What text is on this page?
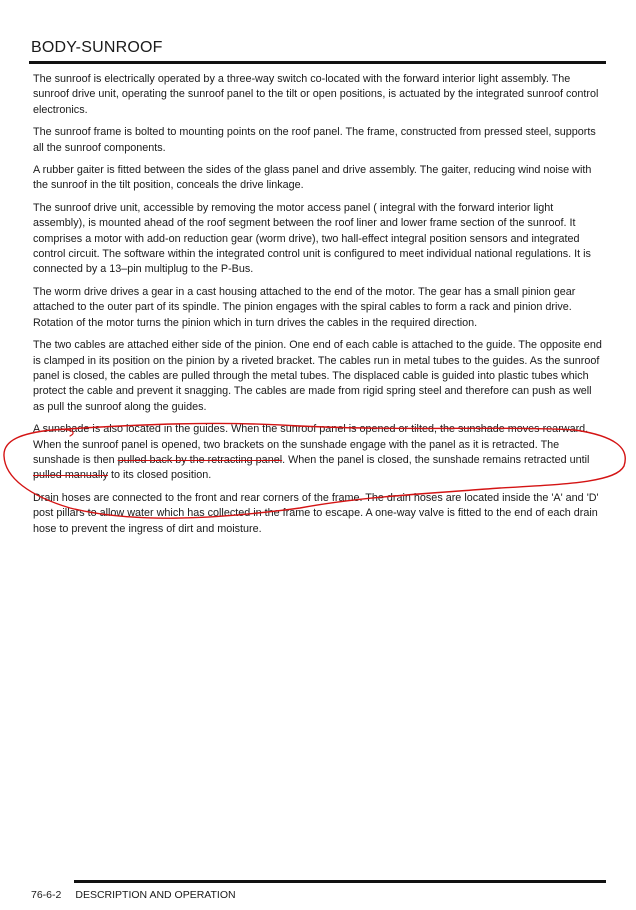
BODY-SUNROOF

The sunroof is electrically operated by a three-way switch co-located with the forward interior light assembly. The sunroof drive unit, operating the sunroof panel to the tilt or open positions, is actuated by the integrated sunroof control electronics.

The sunroof frame is bolted to mounting points on the roof panel. The frame, constructed from pressed steel, supports all the sunroof components.

A rubber gaiter is fitted between the sides of the glass panel and drive assembly. The gaiter, reducing wind noise with the sunroof in the tilt position, conceals the drive linkage.

The sunroof drive unit, accessible by removing the motor access panel ( integral with the forward interior light assembly), is mounted ahead of the roof segment between the roof liner and lower frame section of the sunroof. It comprises a motor with add-on reduction gear (worm drive), two hall-effect integral position sensors and integrated control circuit. The software within the integrated control unit is configured to meet individual national regulations. It is connected by a 13–pin multiplug to the P-Bus.

The worm drive drives a gear in a cast housing attached to the end of the motor. The gear has a small pinion gear attached to the outer part of its spindle. The pinion engages with the spiral cables to form a rack and pinion drive. Rotation of the motor turns the pinion which in turn drives the cables in the required direction.

The two cables are attached either side of the pinion. One end of each cable is attached to the guide. The opposite end is clamped in its position on the pinion by a riveted bracket. The cables run in metal tubes to the guides. As the sunroof panel is closed, the cables are pulled through the metal tubes. The displaced cable is guided into plastic tubes which protect the cable and prevent it snagging. The cables are made from rigid spring steel and therefore can push as well as pull the sunroof along the guides.

A sunshade is also located in the guides. When the sunroof panel is opened or tilted, the sunshade moves rearward. When the sunroof panel is opened, two brackets on the sunshade engage with the panel as it is retracted. The sunshade is then pulled back by the retracting panel. When the panel is closed, the sunshade remains retracted until pulled manually to its closed position.

Drain hoses are connected to the front and rear corners of the frame. The drain hoses are located inside the 'A' and 'D' post pillars to allow water which has collected in the frame to escape. A one-way valve is fitted to the end of each drain hose to prevent the ingress of dirt and moisture.

76-6-2 DESCRIPTION AND OPERATION
